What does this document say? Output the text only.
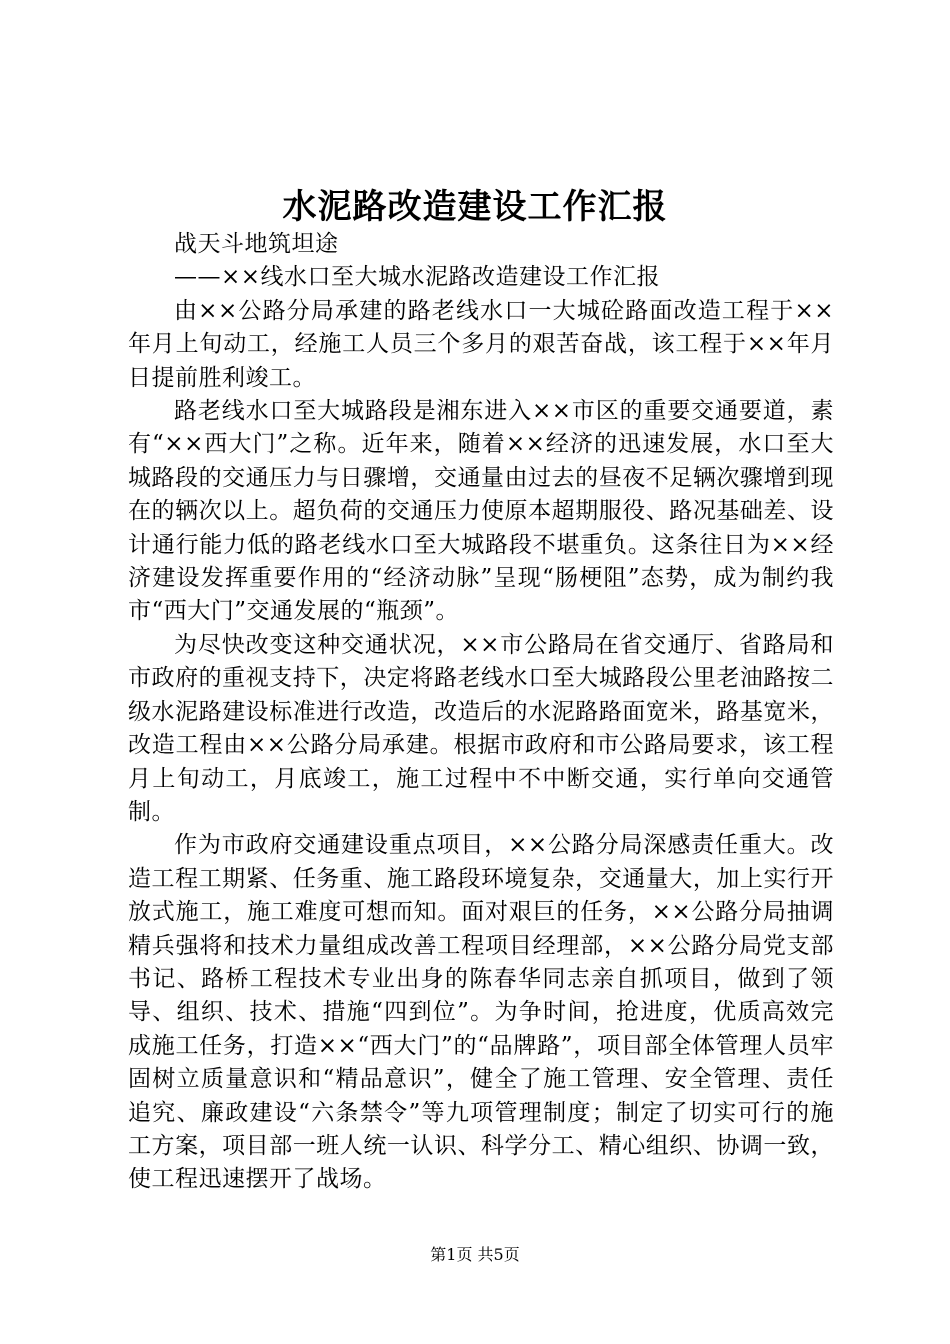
水泥路改造建设工作汇报

战天斗地筑坦途

——××线水口至大城水泥路改造建设工作汇报

由××公路分局承建的路老线水口一大城砼路面改造工程于××年月上旬动工，经施工人员三个多月的艰苦奋战，该工程于××年月日提前胜利竣工。

路老线水口至大城路段是湘东进入××市区的重要交通要道，素有“××西大门”之称。近年来，随着××经济的迅速发展，水口至大城路段的交通压力与日骤增，交通量由过去的昼夜不足辆次骤增到现在的辆次以上。超负荷的交通压力使原本超期服役、路况基础差、设计通行能力低的路老线水口至大城路段不堪重负。这条往日为××经济建设发挥重要作用的“经济动脉”呈现“肠梗阻”态势，成为制约我市“西大门”交通发展的“瓶颈”。

为尽快改变这种交通状况，××市公路局在省交通厅、省路局和市政府的重视支持下，决定将路老线水口至大城路段公里老油路按二级水泥路建设标准进行改造，改造后的水泥路路面宽米，路基宽米，改造工程由××公路分局承建。根据市政府和市公路局要求，该工程月上旬动工，月底竣工，施工过程中不中断交通，实行单向交通管制。

作为市政府交通建设重点项目，××公路分局深感责任重大。改造工程工期紧、任务重、施工路段环境复杂，交通量大，加上实行开放式施工，施工难度可想而知。面对艰巨的任务，××公路分局抽调精兵强将和技术力量组成改善工程项目经理部，××公路分局党支部书记、路桥工程技术专业出身的陈春华同志亲自抓项目，做到了领导、组织、技术、措施“四到位”。为争时间，抢进度，优质高效完成施工任务，打造××“西大门”的“品牌路”，项目部全体管理人员牢固树立质量意识和“精品意识”，健全了施工管理、安全管理、责任追究、廉政建设“六条禁令”等九项管理制度；制定了切实可行的施工方案，项目部一班人统一认识、科学分工、精心组织、协调一致，使工程迅速摆开了战场。

第1页 共5页
